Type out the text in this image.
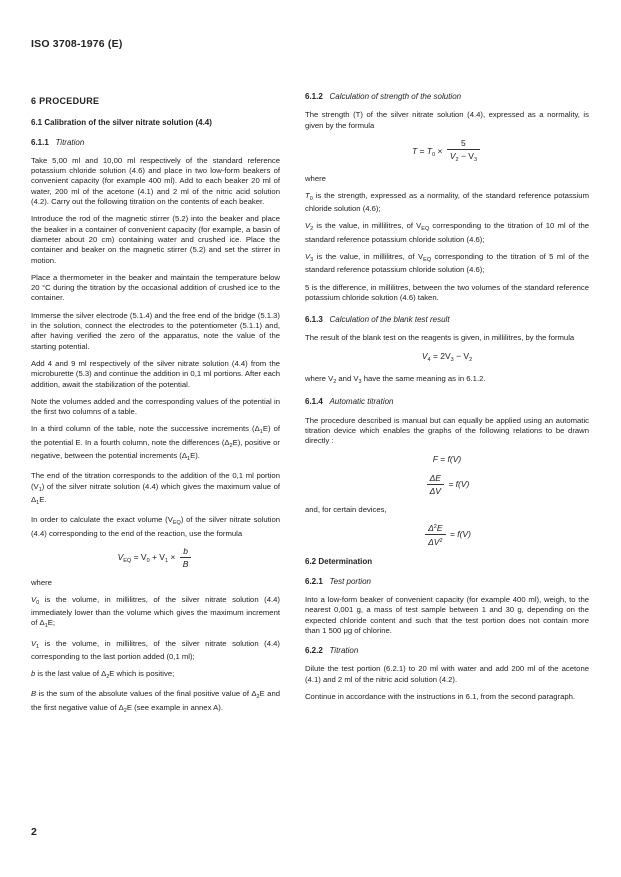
ISO 3708-1976 (E)
6 PROCEDURE
6.1 Calibration of the silver nitrate solution (4.4)
6.1.1 Titration

Take 5,00 ml and 10,00 ml respectively of the standard reference potassium chloride solution (4.6) and place in two low-form beakers of convenient capacity (for example 400 ml). Add to each beaker 20 ml of water, 200 ml of the acetone (4.1) and 2 ml of the nitric acid solution (4.2). Carry out the following titration on the contents of each beaker.

Introduce the rod of the magnetic stirrer (5.2) into the beaker and place the beaker in a container of convenient capacity (for example, a basin of diameter about 20 cm) containing water and crushed ice. Place the container and beaker on the magnetic stirrer (5.2) and set the stirrer in motion.

Place a thermometer in the beaker and maintain the temperature below 20 °C during the titration by the occasional addition of crushed ice to the container.

Immerse the silver electrode (5.1.4) and the free end of the bridge (5.1.3) in the solution, connect the electrodes to the potentiometer (5.1.1) and, after having verified the zero of the apparatus, note the value of the starting potential.

Add 4 and 9 ml respectively of the silver nitrate solution (4.4) from the microburette (5.3) and continue the addition in 0,1 ml portions. After each addition, await the stabilization of the potential.

Note the volumes added and the corresponding values of the potential in the first two columns of a table.

In a third column of the table, note the successive increments $(\Delta_1E)$ of the potential E. In a fourth column, note the differences $(\Delta_2E)$, positive or negative, between the potential increments $(\Delta_1E)$.

The end of the titration corresponds to the addition of the 0,1 ml portion $(V_1)$ of the silver nitrate solution (4.4) which gives the maximum value of $\Delta_1E$.

In order to calculate the exact volume $(V_{EQ})$ of the silver nitrate solution (4.4) corresponding to the end of the reaction, use the formula

$V_{EQ} = V_0 + V_1 \times \frac{b}{B}$
where
$V_0$ is the volume, in millilitres, of the silver nitrate solution (4.4) immediately lower than the volume which gives the maximum increment of $\Delta_1E$;
$V_1$ is the volume, in millilitres, of the silver nitrate solution (4.4) corresponding to the last portion added (0,1 ml);
b is the last value of $\Delta_2E$ which is positive;
B is the sum of the absolute values of the final positive value of $\Delta_2E$ and the first negative value of $\Delta_2E$ (see example in annex A).
6.1.2 Calculation of strength of the solution

The strength (T) of the silver nitrate solution (4.4), expressed as a normality, is given by the formula

$T = T_0 \times \frac{5}{V_2 - V_3}$
where
$T_0$ is the strength, expressed as a normality, of the standard reference potassium chloride solution (4.6);
$V_2$ is the value, in millilitres, of $V_{EQ}$ corresponding to the titration of 10 ml of the standard reference potassium chloride solution (4.6);
$V_3$ is the value, in millilitres, of $V_{EQ}$ corresponding to the titration of 5 ml of the standard reference potassium chloride solution (4.6);
5 is the difference, in millilitres, between the two volumes of the standard reference potassium chloride solution (4.6) taken.
6.1.3 Calculation of the blank test result

The result of the blank test on the reagents is given, in millilitres, by the formula

$V_4 = 2V_3 - V_2$

where $V_2$ and $V_3$ have the same meaning as in 6.1.2.

6.1.4 Automatic titration

The procedure described is manual but can equally be applied using an automatic titration device which enables the graphs of the following relations to be drawn directly :

F = f(V)
$\frac{\Delta E}{\Delta V} = f(V)$

and, for certain devices,

$\frac{\Delta^2E}{\Delta V^2} = f(V)$
6.2 Determination
6.2.1 Test portion

Into a low-form beaker of convenient capacity (for example 400 ml), weigh, to the nearest 0,001 g, a mass of test sample between 1 and 30 g, depending on the expected chloride content and such that the test portion does not contain more than 1 500 μg of chlorine.

6.2.2 Titration

Dilute the test portion (6.2.1) to 20 ml with water and add 200 ml of the acetone (4.1) and 2 ml of the nitric acid solution (4.2).

Continue in accordance with the instructions in 6.1, from the second paragraph.

2
